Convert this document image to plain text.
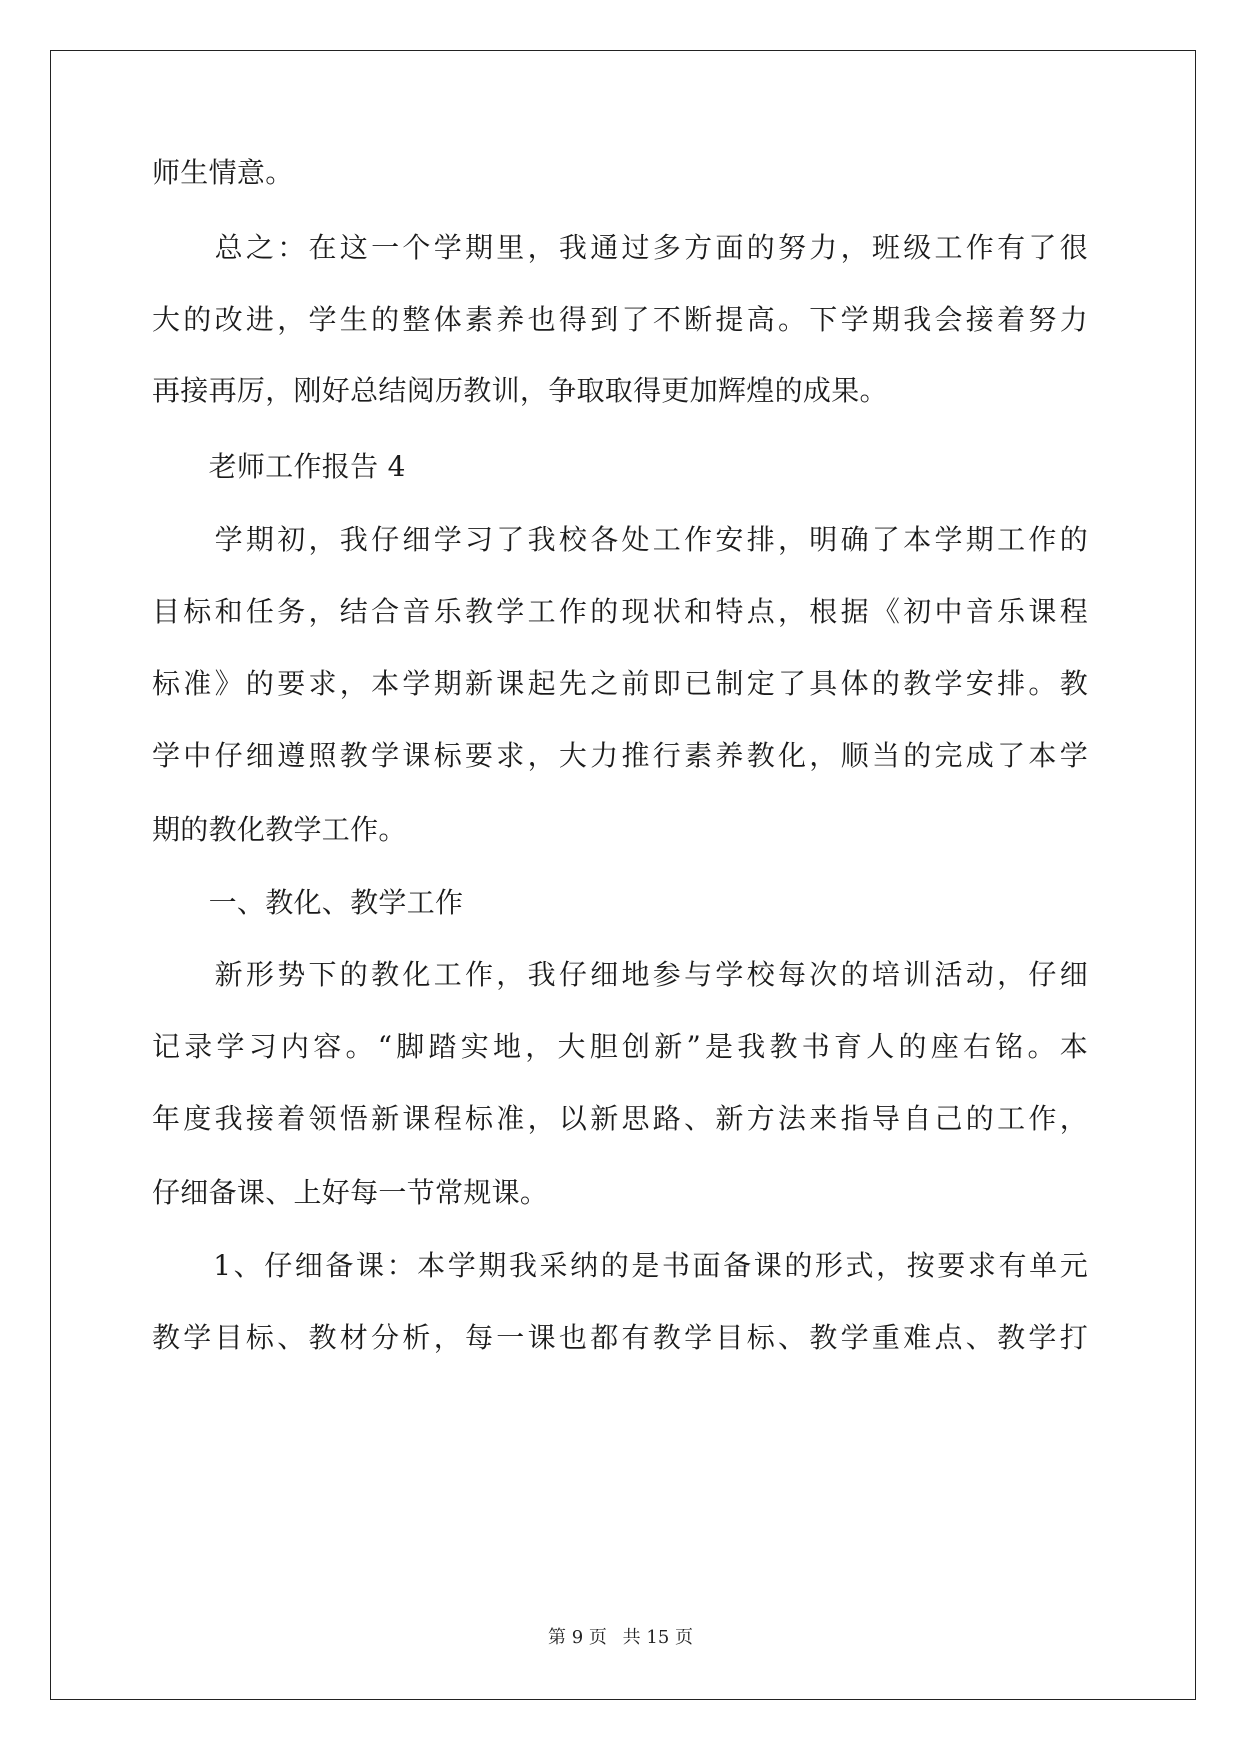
师生情意。
　　总之：在这一个学期里，我通过多方面的努力，班级工作有了很
大的改进，学生的整体素养也得到了不断提高。下学期我会接着努力
再接再厉，刚好总结阅历教训，争取取得更加辉煌的成果。
　　老师工作报告 4
　　学期初，我仔细学习了我校各处工作安排，明确了本学期工作的
目标和任务，结合音乐教学工作的现状和特点，根据《初中音乐课程
标准》的要求，本学期新课起先之前即已制定了具体的教学安排。教
学中仔细遵照教学课标要求，大力推行素养教化，顺当的完成了本学
期的教化教学工作。
　　一、教化、教学工作
　　新形势下的教化工作，我仔细地参与学校每次的培训活动，仔细
记录学习内容。“脚踏实地，大胆创新”是我教书育人的座右铭。本
年度我接着领悟新课程标准，以新思路、新方法来指导自己的工作，
仔细备课、上好每一节常规课。
　　1、仔细备课：本学期我采纳的是书面备课的形式，按要求有单元
教学目标、教材分析，每一课也都有教学目标、教学重难点、教学打
第 9 页 共 15 页
